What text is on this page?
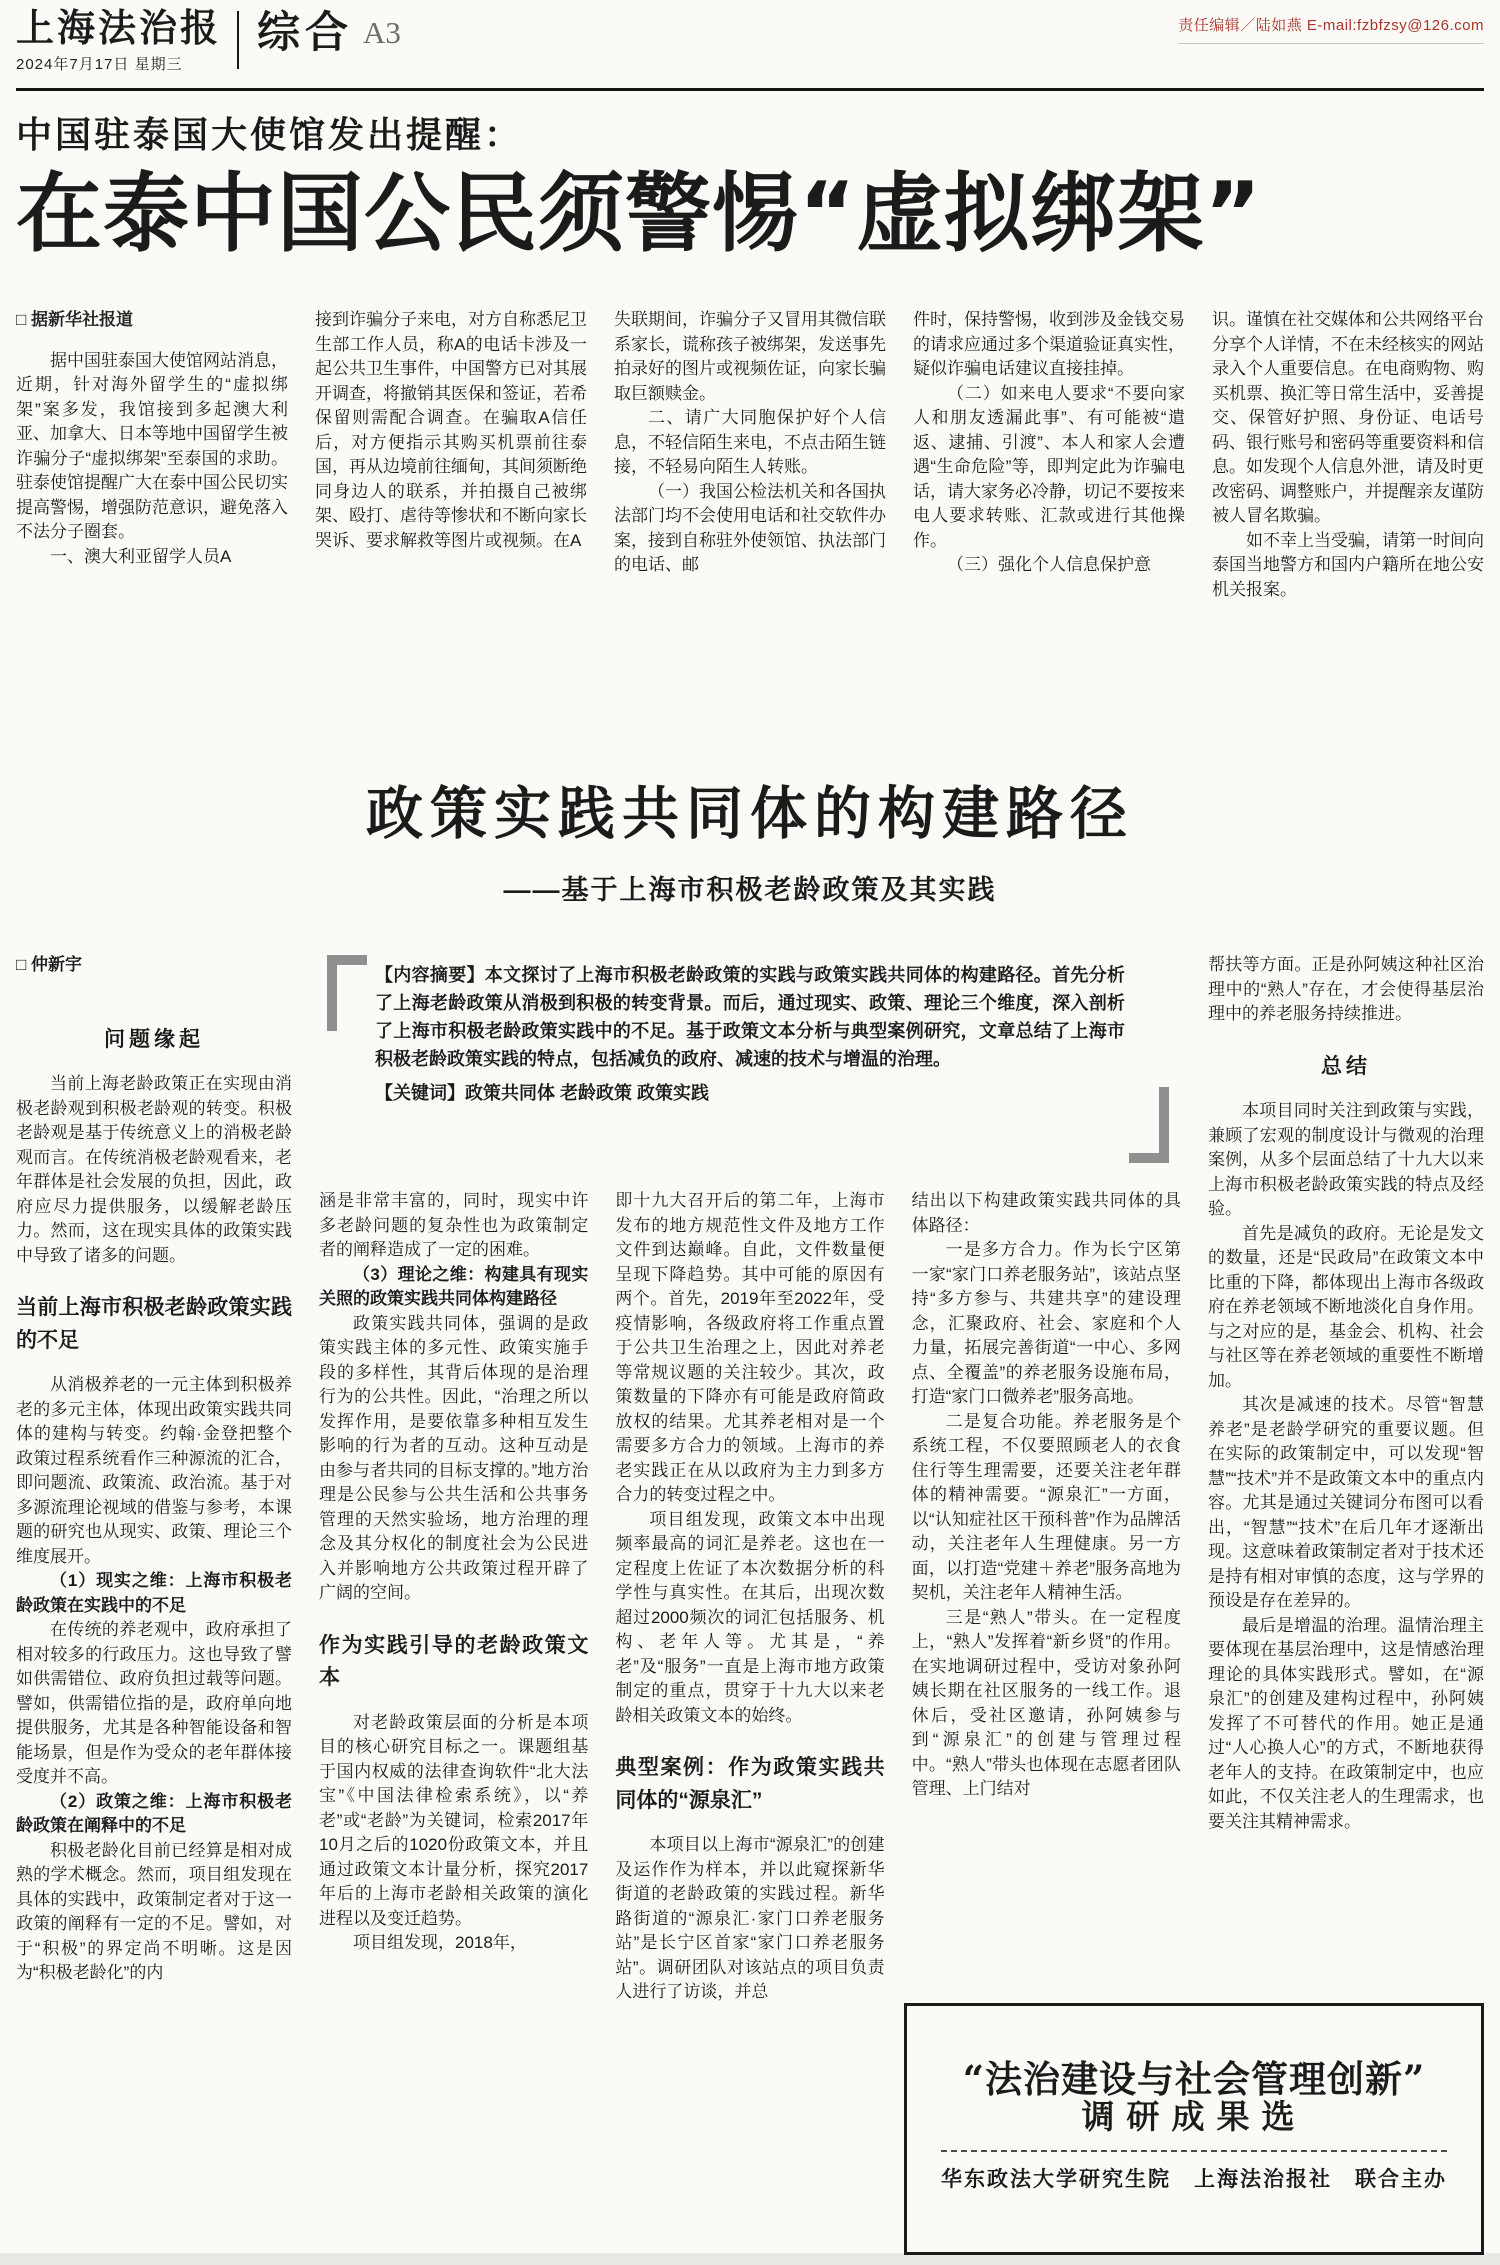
上海法治报
2024年7月17日 星期三
综合 A3	责任编辑／陆如燕 E-mail:fzbfzsy@126.com
中国驻泰国大使馆发出提醒：
在泰中国公民须警惕“虚拟绑架”
□ 据新华社报道

据中国驻泰国大使馆网站消息，近期，针对海外留学生的“虚拟绑架”案多发，我馆接到多起澳大利亚、加拿大、日本等地中国留学生被诈骗分子“虚拟绑架”至泰国的求助。驻泰使馆提醒广大在泰中国公民切实提高警惕，增强防范意识，避免落入不法分子圈套。

一、澳大利亚留学人员A

接到诈骗分子来电，对方自称悉尼卫生部工作人员，称A的电话卡涉及一起公共卫生事件，中国警方已对其展开调查，将撤销其医保和签证，若希保留则需配合调查。在骗取A信任后，对方便指示其购买机票前往泰国，再从边境前往缅甸，其间须断绝同身边人的联系，并拍摄自己被绑架、殴打、虐待等惨状和不断向家长哭诉、要求解救等图片或视频。在A

失联期间，诈骗分子又冒用其微信联系家长，谎称孩子被绑架，发送事先拍录好的图片或视频佐证，向家长骗取巨额赎金。

二、请广大同胞保护好个人信息，不轻信陌生来电，不点击陌生链接，不轻易向陌生人转账。

（一）我国公检法机关和各国执法部门均不会使用电话和社交软件办案，接到自称驻外使领馆、执法部门的电话、邮

件时，保持警惕，收到涉及金钱交易的请求应通过多个渠道验证真实性，疑似诈骗电话建议直接挂掉。

（二）如来电人要求“不要向家人和朋友透漏此事”、有可能被“遣返、逮捕、引渡”、本人和家人会遭遇“生命危险”等，即判定此为诈骗电话，请大家务必冷静，切记不要按来电人要求转账、汇款或进行其他操作。

（三）强化个人信息保护意

识。谨慎在社交媒体和公共网络平台分享个人详情，不在未经核实的网站录入个人重要信息。在电商购物、购买机票、换汇等日常生活中，妥善提交、保管好护照、身份证、电话号码、银行账号和密码等重要资料和信息。如发现个人信息外泄，请及时更改密码、调整账户，并提醒亲友谨防被人冒名欺骗。

如不幸上当受骗，请第一时间向泰国当地警方和国内户籍所在地公安机关报案。

政策实践共同体的构建路径
——基于上海市积极老龄政策及其实践
□ 仲新宇
问题缘起

当前上海老龄政策正在实现由消极老龄观到积极老龄观的转变。积极老龄观是基于传统意义上的消极老龄观而言。在传统消极老龄观看来，老年群体是社会发展的负担，因此，政府应尽力提供服务，以缓解老龄压力。然而，这在现实具体的政策实践中导致了诸多的问题。

当前上海市积极老龄政策实践的不足

从消极养老的一元主体到积极养老的多元主体，体现出政策实践共同体的建构与转变。约翰·金登把整个政策过程系统看作三种源流的汇合，即问题流、政策流、政治流。基于对多源流理论视域的借鉴与参考，本课题的研究也从现实、政策、理论三个维度展开。

（1）现实之维：上海市积极老龄政策在实践中的不足

在传统的养老观中，政府承担了相对较多的行政压力。这也导致了譬如供需错位、政府负担过载等问题。譬如，供需错位指的是，政府单向地提供服务，尤其是各种智能设备和智能场景，但是作为受众的老年群体接受度并不高。

（2）政策之维：上海市积极老龄政策在阐释中的不足

积极老龄化目前已经算是相对成熟的学术概念。然而，项目组发现在具体的实践中，政策制定者对于这一政策的阐释有一定的不足。譬如，对于“积极”的界定尚不明晰。这是因为“积极老龄化”的内

【内容摘要】本文探讨了上海市积极老龄政策的实践与政策实践共同体的构建路径。首先分析了上海老龄政策从消极到积极的转变背景。而后，通过现实、政策、理论三个维度，深入剖析了上海市积极老龄政策实践中的不足。基于政策文本分析与典型案例研究，文章总结了上海市积极老龄政策实践的特点，包括减负的政府、减速的技术与增温的治理。

【关键词】政策共同体 老龄政策 政策实践

涵是非常丰富的，同时，现实中许多老龄问题的复杂性也为政策制定者的阐释造成了一定的困难。

（3）理论之维：构建具有现实关照的政策实践共同体构建路径

政策实践共同体，强调的是政策实践主体的多元性、政策实施手段的多样性，其背后体现的是治理行为的公共性。因此，“治理之所以发挥作用，是要依靠多种相互发生影响的行为者的互动。这种互动是由参与者共同的目标支撑的。”地方治理是公民参与公共生活和公共事务管理的天然实验场，地方治理的理念及其分权化的制度社会为公民进入并影响地方公共政策过程开辟了广阔的空间。

作为实践引导的老龄政策文本

对老龄政策层面的分析是本项目的核心研究目标之一。课题组基于国内权威的法律查询软件“北大法宝”《中国法律检索系统》，以“养老”或“老龄”为关键词，检索2017年10月之后的1020份政策文本，并且通过政策文本计量分析，探究2017年后的上海市老龄相关政策的演化进程以及变迁趋势。

项目组发现，2018年，

即十九大召开后的第二年，上海市发布的地方规范性文件及地方工作文件到达巅峰。自此，文件数量便呈现下降趋势。其中可能的原因有两个。首先，2019年至2022年，受疫情影响，各级政府将工作重点置于公共卫生治理之上，因此对养老等常规议题的关注较少。其次，政策数量的下降亦有可能是政府简政放权的结果。尤其养老相对是一个需要多方合力的领域。上海市的养老实践正在从以政府为主力到多方合力的转变过程之中。

项目组发现，政策文本中出现频率最高的词汇是养老。这也在一定程度上佐证了本次数据分析的科学性与真实性。在其后，出现次数超过2000频次的词汇包括服务、机构、老年人等。尤其是，“养老”及“服务”一直是上海市地方政策制定的重点，贯穿于十九大以来老龄相关政策文本的始终。

典型案例：作为政策实践共同体的“源泉汇”

本项目以上海市“源泉汇”的创建及运作作为样本，并以此窥探新华街道的老龄政策的实践过程。新华路街道的“源泉汇·家门口养老服务站”是长宁区首家“家门口养老服务站”。调研团队对该站点的项目负责人进行了访谈，并总

结出以下构建政策实践共同体的具体路径：

一是多方合力。作为长宁区第一家“家门口养老服务站”，该站点坚持“多方参与、共建共享”的建设理念，汇聚政府、社会、家庭和个人力量，拓展完善街道“一中心、多网点、全覆盖”的养老服务设施布局，打造“家门口微养老”服务高地。

二是复合功能。养老服务是个系统工程，不仅要照顾老人的衣食住行等生理需要，还要关注老年群体的精神需要。“源泉汇”一方面，以“认知症社区干预科普”作为品牌活动，关注老年人生理健康。另一方面，以打造“党建＋养老”服务高地为契机，关注老年人精神生活。

三是“熟人”带头。在一定程度上，“熟人”发挥着“新乡贤”的作用。在实地调研过程中，受访对象孙阿姨长期在社区服务的一线工作。退休后，受社区邀请，孙阿姨参与到“源泉汇”的创建与管理过程中。“熟人”带头也体现在志愿者团队管理、上门结对

帮扶等方面。正是孙阿姨这种社区治理中的“熟人”存在，才会使得基层治理中的养老服务持续推进。

总结

本项目同时关注到政策与实践，兼顾了宏观的制度设计与微观的治理案例，从多个层面总结了十九大以来上海市积极老龄政策实践的特点及经验。

首先是减负的政府。无论是发文的数量，还是“民政局”在政策文本中比重的下降，都体现出上海市各级政府在养老领域不断地淡化自身作用。与之对应的是，基金会、机构、社会与社区等在养老领域的重要性不断增加。

其次是减速的技术。尽管“智慧养老”是老龄学研究的重要议题。但在实际的政策制定中，可以发现“智慧”“技术”并不是政策文本中的重点内容。尤其是通过关键词分布图可以看出，“智慧”“技术”在后几年才逐渐出现。这意味着政策制定者对于技术还是持有相对审慎的态度，这与学界的预设是存在差异的。

最后是增温的治理。温情治理主要体现在基层治理中，这是情感治理理论的具体实践形式。譬如，在“源泉汇”的创建及建构过程中，孙阿姨发挥了不可替代的作用。她正是通过“人心换人心”的方式，不断地获得老年人的支持。在政策制定中，也应如此，不仅关注老人的生理需求，也要关注其精神需求。

“法治建设与社会管理创新”
调研成果选
华东政法大学研究生院　上海法治报社　联合主办
